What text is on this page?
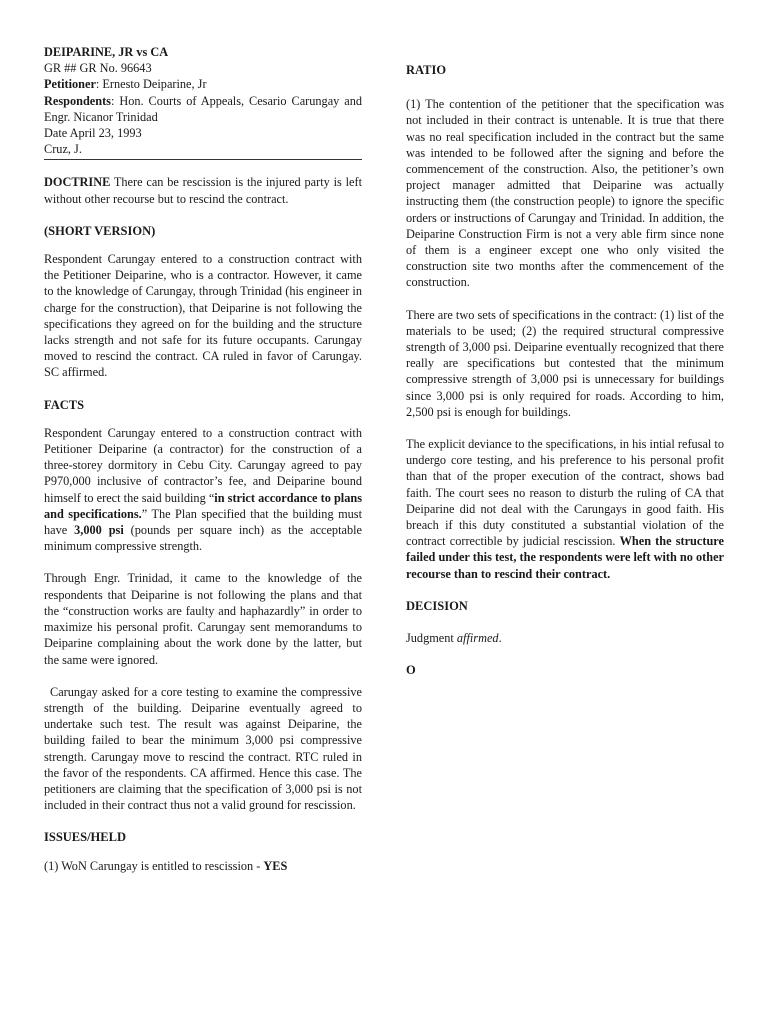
DEIPARINE, JR vs CA

GR ## GR No. 96643

Petitioner: Ernesto Deiparine, Jr

Respondents: Hon. Courts of Appeals, Cesario Carungay and Engr. Nicanor Trinidad

Date April 23, 1993

Cruz, J.

DOCTRINE There can be rescission is the injured party is left without other recourse but to rescind the contract.

(SHORT VERSION)

Respondent Carungay entered to a construction contract with the Petitioner Deiparine, who is a contractor. However, it came to the knowledge of Carungay, through Trinidad (his engineer in charge for the construction), that Deiparine is not following the specifications they agreed on for the building and the structure lacks strength and not safe for its future occupants. Carungay moved to rescind the contract. CA ruled in favor of Carungay. SC affirmed.

FACTS

Respondent Carungay entered to a construction contract with Petitioner Deiparine (a contractor) for the construction of a three-storey dormitory in Cebu City. Carungay agreed to pay P970,000 inclusive of contractor’s fee, and Deiparine bound himself to erect the said building “in strict accordance to plans and specifications.” The Plan specified that the building must have 3,000 psi (pounds per square inch) as the acceptable minimum compressive strength.

Through Engr. Trinidad, it came to the knowledge of the respondents that Deiparine is not following the plans and that the “construction works are faulty and haphazardly” in order to maximize his personal profit. Carungay sent memorandums to Deiparine complaining about the work done by the latter, but the same were ignored.

Carungay asked for a core testing to examine the compressive strength of the building. Deiparine eventually agreed to undertake such test. The result was against Deiparine, the building failed to bear the minimum 3,000 psi compressive strength. Carungay move to rescind the contract. RTC ruled in the favor of the respondents. CA affirmed. Hence this case. The petitioners are claiming that the specification of 3,000 psi is not included in their contract thus not a valid ground for rescission.

ISSUES/HELD

(1) WoN Carungay is entitled to rescission - YES

RATIO

(1) The contention of the petitioner that the specification was not included in their contract is untenable. It is true that there was no real specification included in the contract but the same was intended to be followed after the signing and before the commencement of the construction. Also, the petitioner’s own project manager admitted that Deiparine was actually instructing them (the construction people) to ignore the specific orders or instructions of Carungay and Trinidad. In addition, the Deiparine Construction Firm is not a very able firm since none of them is a engineer except one who only visited the construction site two months after the commencement of the construction.

There are two sets of specifications in the contract: (1) list of the materials to be used; (2) the required structural compressive strength of 3,000 psi. Deiparine eventually recognized that there really are specifications but contested that the minimum compressive strength of 3,000 psi is unnecessary for buildings since 3,000 psi is only required for roads. According to him, 2,500 psi is enough for buildings.

The explicit deviance to the specifications, in his intial refusal to undergo core testing, and his preference to his personal profit than that of the proper execution of the contract, shows bad faith. The court sees no reason to disturb the ruling of CA that Deiparine did not deal with the Carungays in good faith. His breach if this duty constituted a substantial violation of the contract correctible by judicial rescission. When the structure failed under this test, the respondents were left with no other recourse than to rescind their contract.

DECISION

Judgment affirmed.

O
